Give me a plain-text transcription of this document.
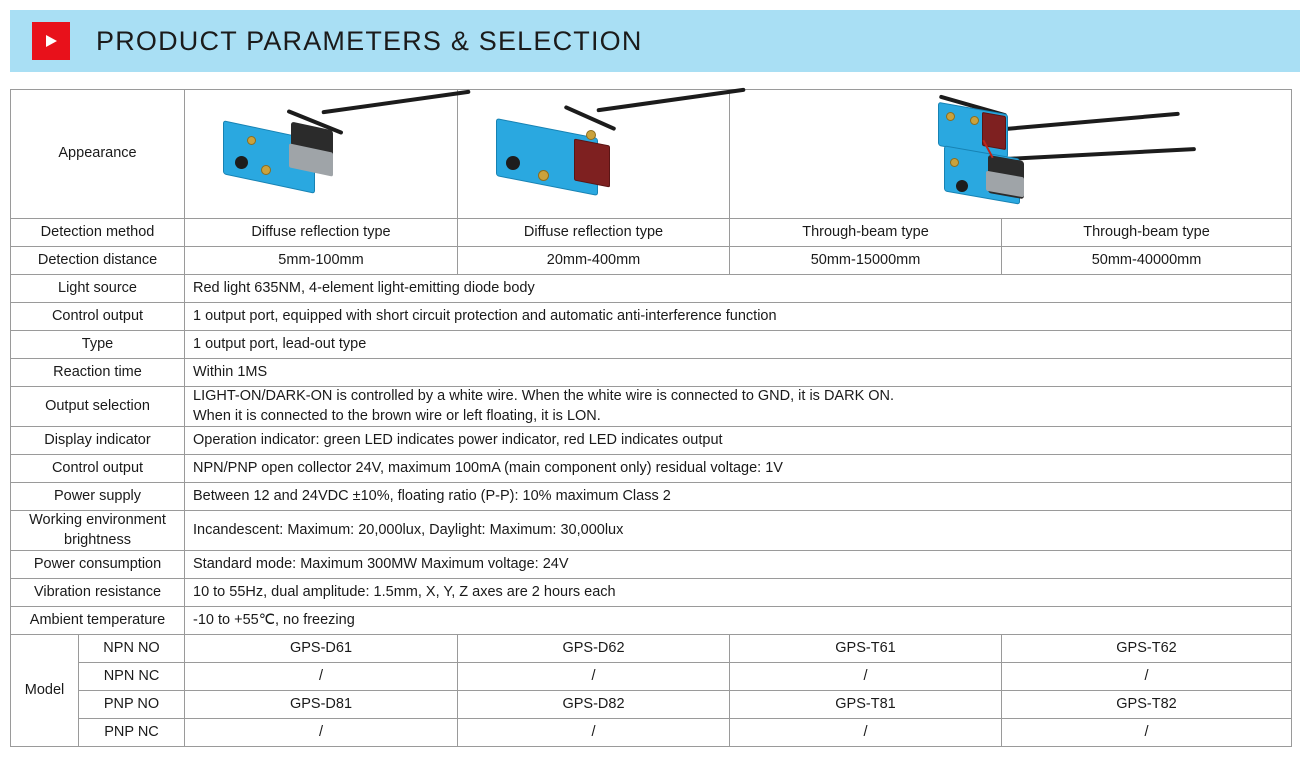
PRODUCT PARAMETERS & SELECTION
Appearance			

Detection method		Diffuse reflection type	Diffuse reflection type	Through-beam type	Through-beam type
Detection distance		5mm-100mm	20mm-400mm	50mm-15000mm	50mm-40000mm
Light source		Red light 635NM, 4-element light-emitting diode body			
Control output		1 output port, equipped with short circuit protection and automatic anti-interference function			
Type		1 output port, lead-out type			
Reaction time		Within 1MS			
Output selection		LIGHT-ON/DARK-ON is controlled by a white wire. When the white wire is connected to GND, it is DARK ON.
When it is connected to the brown wire or left floating, it is LON.			

Display indicator		Operation indicator: green LED indicates power indicator, red LED indicates output			
Control output		NPN/PNP open collector 24V, maximum 100mA (main component only) residual voltage: 1V			
Power supply		Between 12 and 24VDC ±10%, floating ratio (P-P): 10% maximum Class 2			

Working environment
brightness		Incandescent: Maximum: 20,000lux, Daylight: Maximum: 30,000lux			
Power consumption		Standard mode: Maximum 300MW Maximum voltage: 24V			
Vibration resistance		10 to 55Hz, dual amplitude: 1.5mm, X, Y, Z axes are 2 hours each			
Ambient temperature		-10 to +55℃, no freezing			
Model	NPN NO	GPS-D61	GPS-D62	GPS-T61	GPS-T62
	NPN NC	/	/	/	/
	PNP NO	GPS-D81	GPS-D82	GPS-T81	GPS-T82
	PNP NC	/	/	/	/
